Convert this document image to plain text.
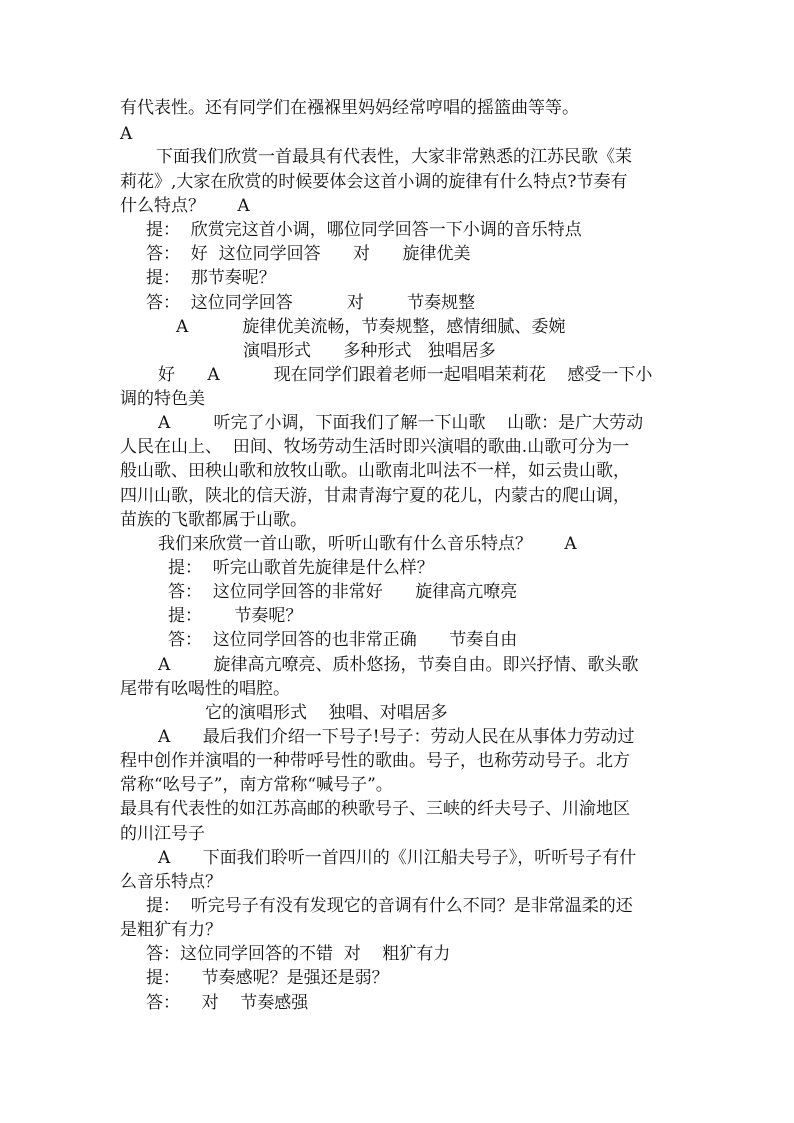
有代表性。还有同学们在襁褓里妈妈经常哼唱的摇篮曲等等。
A
下面我们欣赏一首最具有代表性，大家非常熟悉的江苏民歌《茉
莉花》,大家在欣赏的时候要体会这首小调的旋律有什么特点?节奏有
什么特点？      A
提：  欣赏完这首小调，哪位同学回答一下小调的音乐特点
答：  好  这位同学回答      对      旋律优美
提：  那节奏呢？
答：  这位同学回答          对        节奏规整
A          旋律优美流畅，节奏规整，感情细腻、委婉
演唱形式      多种形式   独唱居多
好      A          现在同学们跟着老师一起唱唱茉莉花    感受一下小
调的特色美
A        听完了小调，下面我们了解一下山歌    山歌：是广大劳动
人民在山上、  田间、牧场劳动生活时即兴演唱的歌曲.山歌可分为一
般山歌、田秧山歌和放牧山歌。山歌南北叫法不一样，如云贵山歌，
四川山歌，陕北的信天游，甘肃青海宁夏的花儿，内蒙古的爬山调，
苗族的飞歌都属于山歌。
我们来欣赏一首山歌，听听山歌有什么音乐特点？      A
提：  听完山歌首先旋律是什么样？
答：  这位同学回答的非常好      旋律高亢嘹亮
提：      节奏呢？
答：  这位同学回答的也非常正确      节奏自由
A        旋律高亢嘹亮、质朴悠扬，节奏自由。即兴抒情、歌头歌
尾带有吆喝性的唱腔。
它的演唱形式    独唱、对唱居多
A      最后我们介绍一下号子!号子：劳动人民在从事体力劳动过
程中创作并演唱的一种带呼号性的歌曲。号子，也称劳动号子。北方
常称“吆号子”，南方常称“喊号子”。
最具有代表性的如江苏高邮的秧歌号子、三峡的纤夫号子、川渝地区
的川江号子
A      下面我们聆听一首四川的《川江船夫号子》，听听号子有什
么音乐特点？
提：  听完号子有没有发现它的音调有什么不同？是非常温柔的还
是粗犷有力？
答：这位同学回答的不错  对    粗犷有力
提：    节奏感呢？是强还是弱？
答：    对    节奏感强
